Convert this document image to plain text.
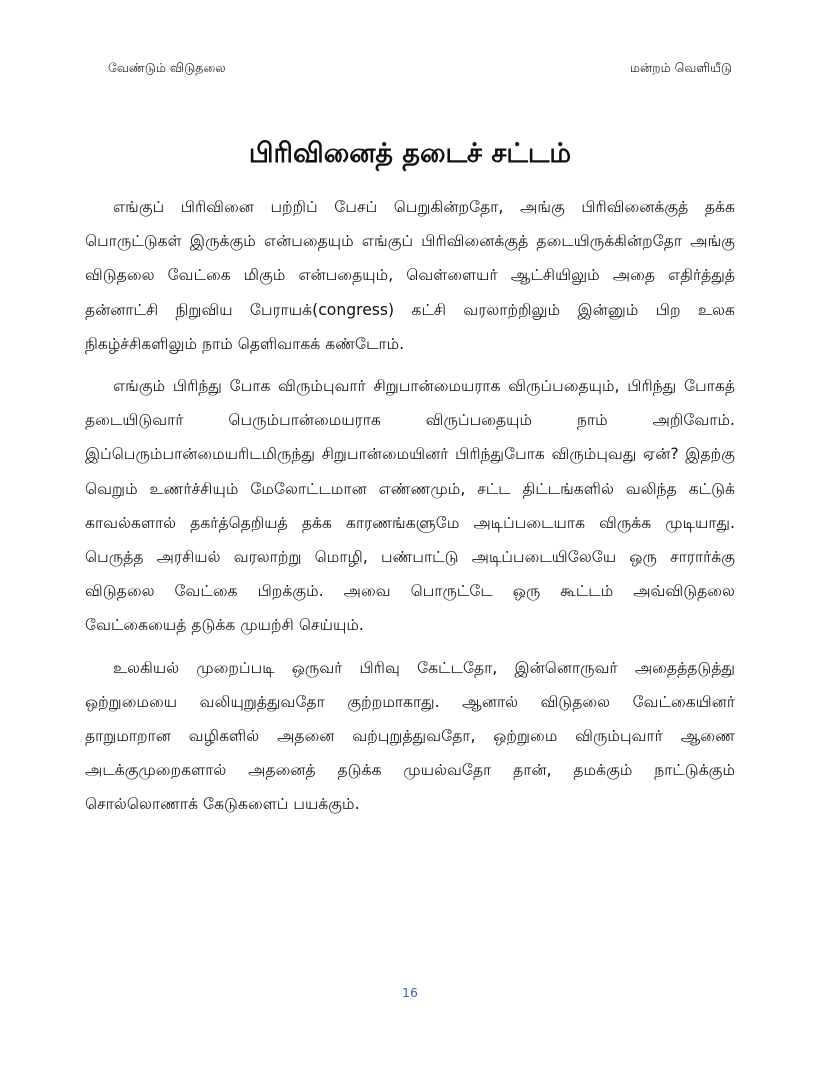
வேண்டும் விடுதலை	மன்றம் வெளியீடு
பிரிவினைத் தடைச் சட்டம்

எங்குப் பிரிவினை பற்றிப் பேசப் பெறுகின்றதோ, அங்கு பிரிவினைக்குத் தக்க பொருட்டுகள் இருக்கும் என்பதையும் எங்குப் பிரிவினைக்குத் தடையிருக்கின்றதோ அங்கு விடுதலை வேட்கை மிகும் என்பதையும், வெள்ளையர் ஆட்சியிலும் அதை எதிர்த்துத் தன்னாட்சி நிறுவிய பேராயக்(congress) கட்சி வரலாற்றிலும் இன்னும் பிற உலக நிகழ்ச்சிகளிலும் நாம் தெளிவாகக் கண்டோம்.

எங்கும் பிரிந்து போக விரும்புவார் சிறுபான்மையராக விருப்பதையும், பிரிந்து போகத் தடையிடுவார் பெரும்பான்மையராக விருப்பதையும் நாம் அறிவோம். இப்பெரும்பான்மையரிடமிருந்து சிறுபான்மையினர் பிரிந்துபோக விரும்புவது ஏன்? இதற்கு வெறும் உணர்ச்சியும் மேலோட்டமான எண்ணமும், சட்ட திட்டங்களில் வலிந்த கட்டுக் காவல்களால் தகர்த்தெறியத் தக்க காரணங்களுமே அடிப்படையாக விருக்க முடியாது. பெருத்த அரசியல் வரலாற்று மொழி, பண்பாட்டு அடிப்படையிலேயே ஒரு சாரார்க்கு விடுதலை வேட்கை பிறக்கும். அவை பொருட்டே ஒரு கூட்டம் அவ்விடுதலை வேட்கையைத் தடுக்க முயற்சி செய்யும்.

உலகியல் முறைப்படி ஒருவர் பிரிவு கேட்டதோ, இன்னொருவர் அதைத்தடுத்து ஒற்றுமையை வலியுறுத்துவதோ குற்றமாகாது. ஆனால் விடுதலை வேட்கையினர் தாறுமாறான வழிகளில் அதனை வற்புறுத்துவதோ, ஒற்றுமை விரும்புவார் ஆணை அடக்குமுறைகளால் அதனைத் தடுக்க முயல்வதோ தான், தமக்கும் நாட்டுக்கும் சொல்லொணாக் கேடுகளைப் பயக்கும்.

16
